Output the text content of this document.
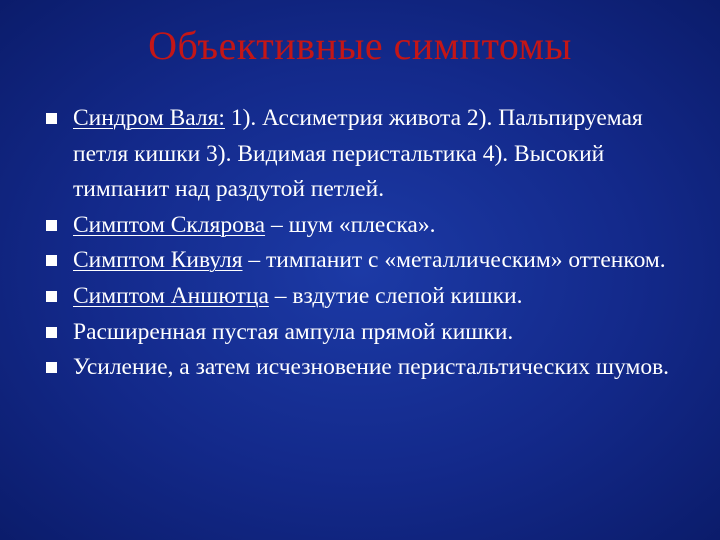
Объективные симптомы
Синдром Валя: 1). Ассиметрия живота 2). Пальпируемая петля кишки 3). Видимая перистальтика 4). Высокий тимпанит над раздутой петлей.
Симптом Склярова – шум «плеска».
Симптом Кивуля – тимпанит с «металлическим» оттенком.
Симптом Аншютца – вздутие слепой кишки.
Расширенная пустая ампула прямой кишки.
Усиление, а затем исчезновение перистальтических шумов.
